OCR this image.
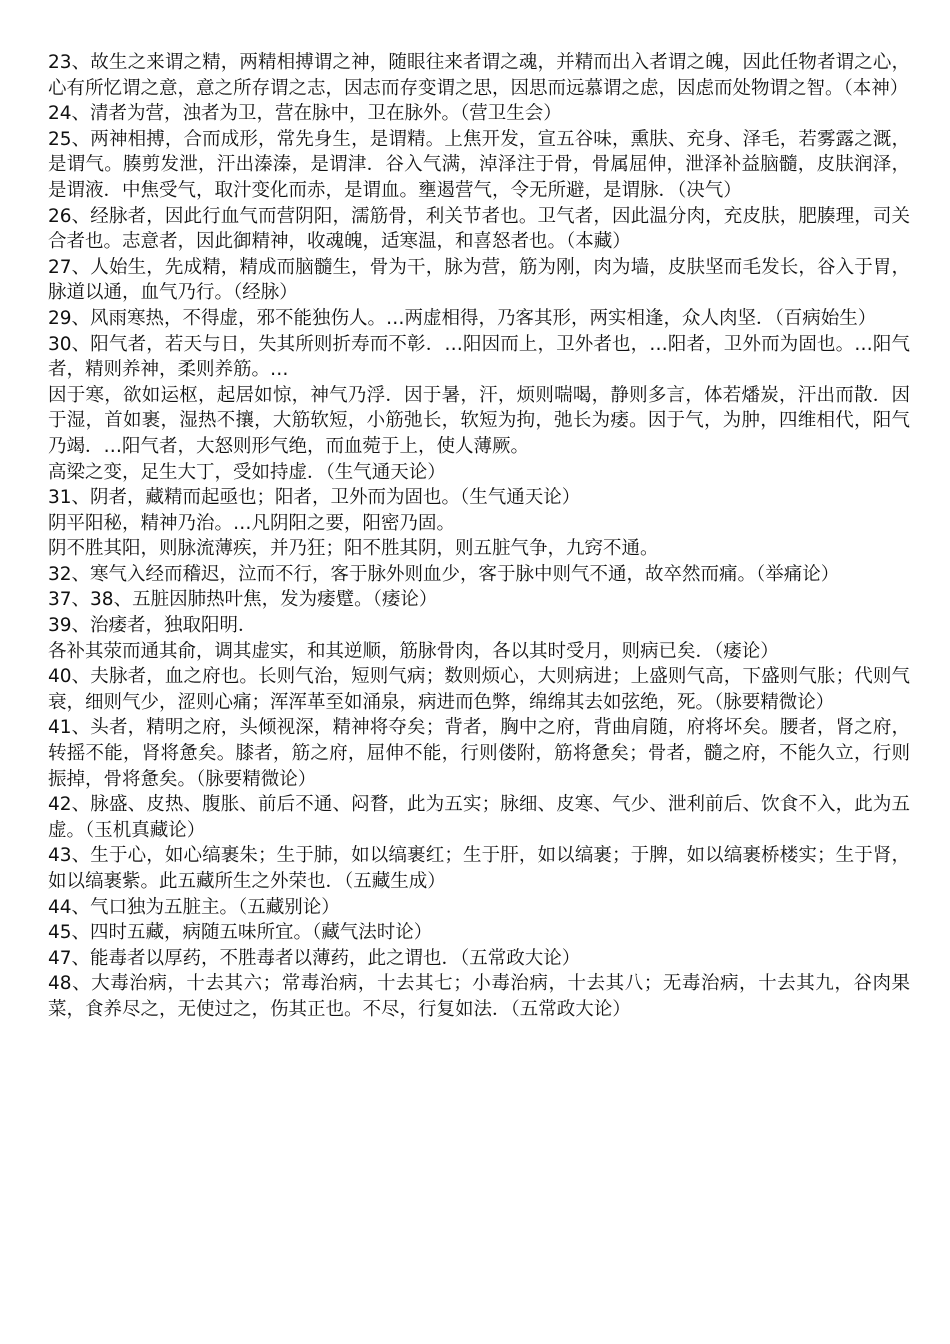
23、故生之来谓之精，两精相搏谓之神，随眼往来者谓之魂，并精而出入者谓之魄，因此任物者谓之心，心有所忆谓之意，意之所存谓之志，因志而存变谓之思，因思而远慕谓之虑，因虑而处物谓之智。（本神）

24、清者为营，浊者为卫，营在脉中，卫在脉外。（营卫生会）

25、两神相搏，合而成形，常先身生，是谓精。上焦开发，宣五谷味，熏肤、充身、泽毛，若雾露之溉，是谓气。腠剪发泄，汗出溱溱，是谓津．谷入气满，淖泽注于骨，骨属屈伸，泄泽补益脑髓，皮肤润泽，是谓液．中焦受气，取汁变化而赤，是谓血。壅遏营气，令无所避，是谓脉．（决气）

26、经脉者，因此行血气而营阴阳，濡筋骨，利关节者也。卫气者，因此温分肉，充皮肤，肥腠理，司关合者也。志意者，因此御精神，收魂魄，适寒温，和喜怒者也。（本藏）

27、人始生，先成精，精成而脑髓生，骨为干，脉为营，筋为刚，肉为墙，皮肤坚而毛发长，谷入于胃，脉道以通，血气乃行。（经脉）

29、风雨寒热，不得虚，邪不能独伤人。…两虚相得，乃客其形，两实相逢，众人肉坚．（百病始生）

30、阳气者，若天与日，失其所则折寿而不彰．…阳因而上，卫外者也，…阳者，卫外而为固也。…阳气者，精则养神，柔则养筋。…

因于寒，欲如运枢，起居如惊，神气乃浮．因于暑，汗，烦则喘喝，静则多言，体若燔炭，汗出而散．因于湿，首如裹，湿热不攘，大筋软短，小筋弛长，软短为拘，弛长为痿。因于气，为肿，四维相代，阳气乃竭．…阳气者，大怒则形气绝，而血菀于上，使人薄厥。

高梁之变，足生大丁，受如持虚．（生气通天论）

31、阴者，藏精而起亟也；阳者，卫外而为固也。（生气通天论）

阴平阳秘，精神乃治。…凡阴阳之要，阳密乃固。

阴不胜其阳，则脉流薄疾，并乃狂；阳不胜其阴，则五脏气争，九窍不通。

32、寒气入经而稽迟，泣而不行，客于脉外则血少，客于脉中则气不通，故卒然而痛。（举痛论）

37、38、五脏因肺热叶焦，发为痿躄。（痿论）

39、治痿者，独取阳明．

各补其荥而通其俞，调其虚实，和其逆顺，筋脉骨肉，各以其时受月，则病已矣．（痿论）

40、夫脉者，血之府也。长则气治，短则气病；数则烦心，大则病进；上盛则气高，下盛则气胀；代则气衰，细则气少，涩则心痛；浑浑革至如涌泉，病进而色弊，绵绵其去如弦绝，死。（脉要精微论）

41、头者，精明之府，头倾视深，精神将夺矣；背者，胸中之府，背曲肩随，府将坏矣。腰者，肾之府，转摇不能，肾将惫矣。膝者，筋之府，屈伸不能，行则偻附，筋将惫矣；骨者，髓之府，不能久立，行则振掉，骨将惫矣。（脉要精微论）

42、脉盛、皮热、腹胀、前后不通、闷瞀，此为五实；脉细、皮寒、气少、泄利前后、饮食不入，此为五虚。（玉机真藏论）

43、生于心，如心缟裹朱；生于肺，如以缟裹红；生于肝，如以缟裹；于脾，如以缟裹桥楼实；生于肾，如以缟裹紫。此五藏所生之外荣也．（五藏生成）

44、气口独为五脏主。（五藏别论）

45、四时五藏，病随五味所宜。（藏气法时论）

47、能毒者以厚药，不胜毒者以薄药，此之谓也．（五常政大论）

48、大毒治病，十去其六；常毒治病，十去其七；小毒治病，十去其八；无毒治病，十去其九，谷肉果菜，食养尽之，无使过之，伤其正也。不尽，行复如法．（五常政大论）
